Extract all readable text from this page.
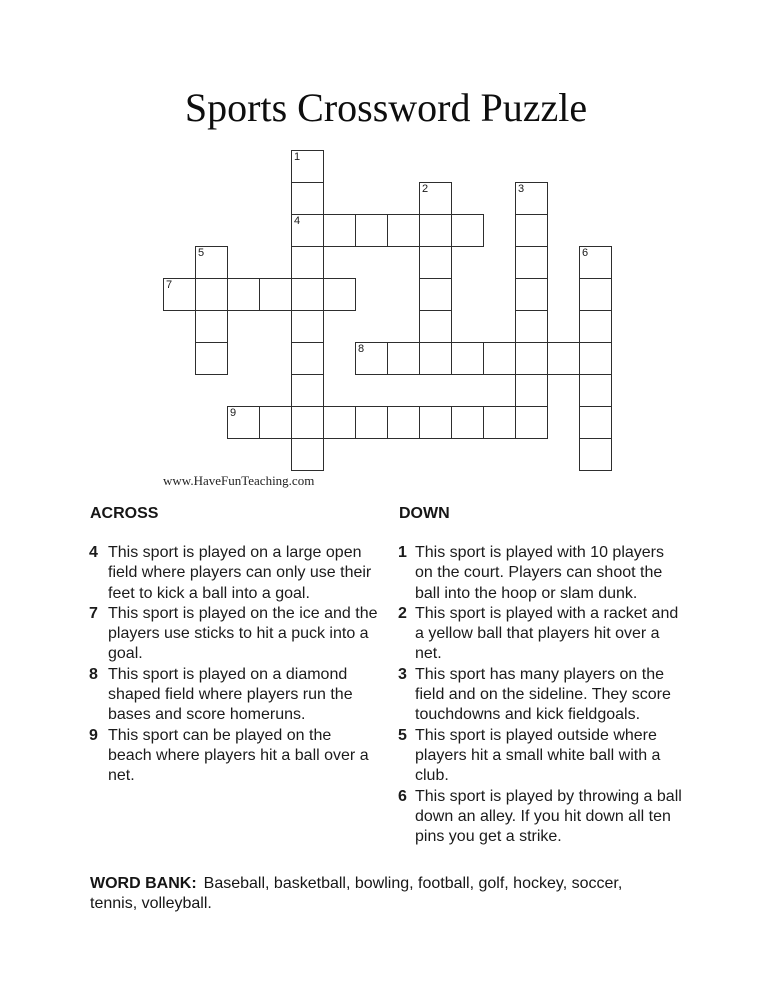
Sports Crossword Puzzle
1
4
2	3
5	6
7
8
9
www.HaveFunTeaching.com
ACROSS	DOWN
4 This sport is played on a large open field where players can only use their feet to kick a ball into a goal.
7 This sport is played on the ice and the players use sticks to hit a puck into a goal.
8 This sport is played on a diamond shaped field where players run the bases and score homeruns.
9 This sport can be played on the beach where players hit a ball over a net.
1 This sport is played with 10 players on the court. Players can shoot the ball into the hoop or slam dunk.
2 This sport is played with a racket and a yellow ball that players hit over a net.
3 This sport has many players on the field and on the sideline. They score touchdowns and kick fieldgoals.
5 This sport is played outside where players hit a small white ball with a club.
6 This sport is played by throwing a ball down an alley. If you hit down all ten pins you get a strike.
WORD BANK: Baseball, basketball, bowling, football, golf, hockey, soccer, tennis, volleyball.
